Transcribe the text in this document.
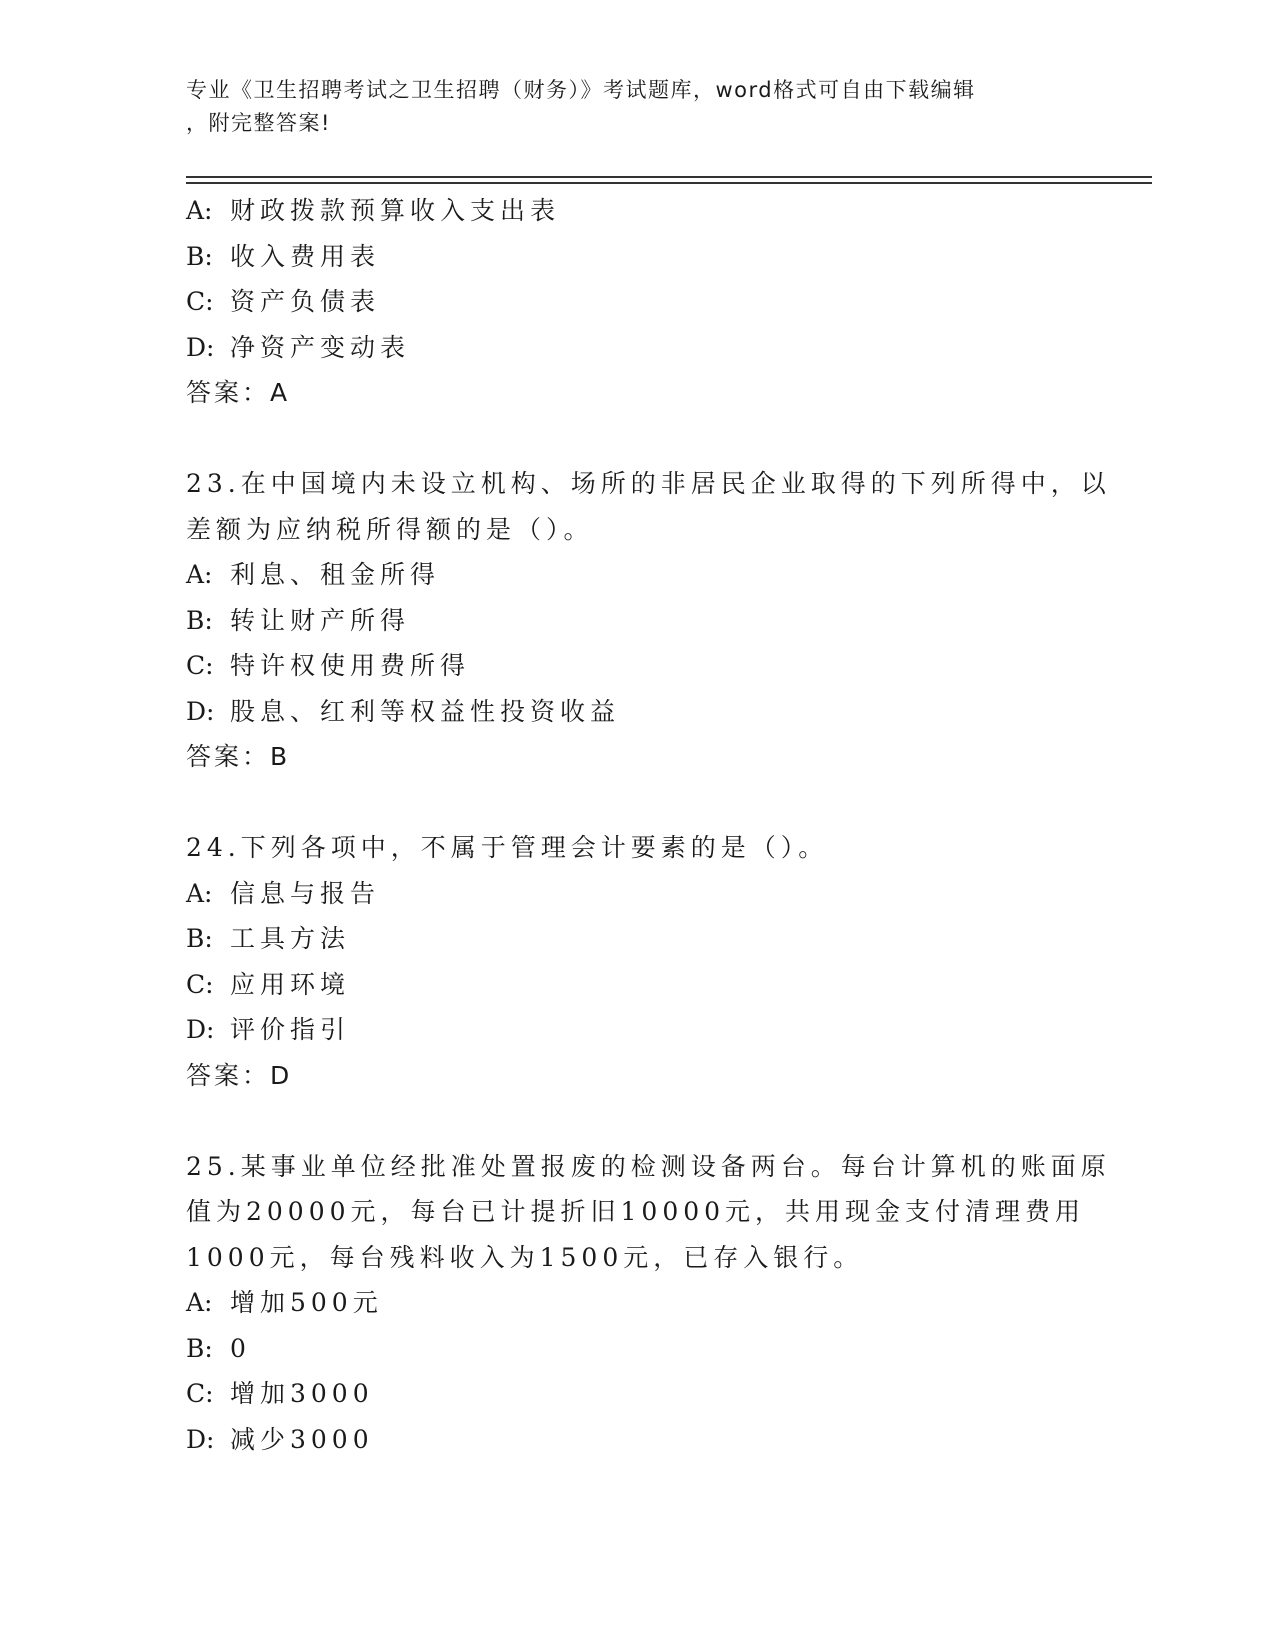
专业《卫生招聘考试之卫生招聘（财务）》考试题库，word格式可自由下载编辑
，附完整答案!
A: 财政拨款预算收入支出表
B: 收入费用表
C: 资产负债表
D: 净资产变动表
答案：A
23.在中国境内未设立机构、场所的非居民企业取得的下列所得中，以
差额为应纳税所得额的是（）。
A: 利息、租金所得
B: 转让财产所得
C: 特许权使用费所得
D: 股息、红利等权益性投资收益
答案：B
24.下列各项中，不属于管理会计要素的是（）。
A: 信息与报告
B: 工具方法
C: 应用环境
D: 评价指引
答案：D
25.某事业单位经批准处置报废的检测设备两台。每台计算机的账面原
值为20000元，每台已计提折旧10000元，共用现金支付清理费用
1000元，每台残料收入为1500元，已存入银行。
A: 增加500元
B: 0
C: 增加3000
D: 减少3000
